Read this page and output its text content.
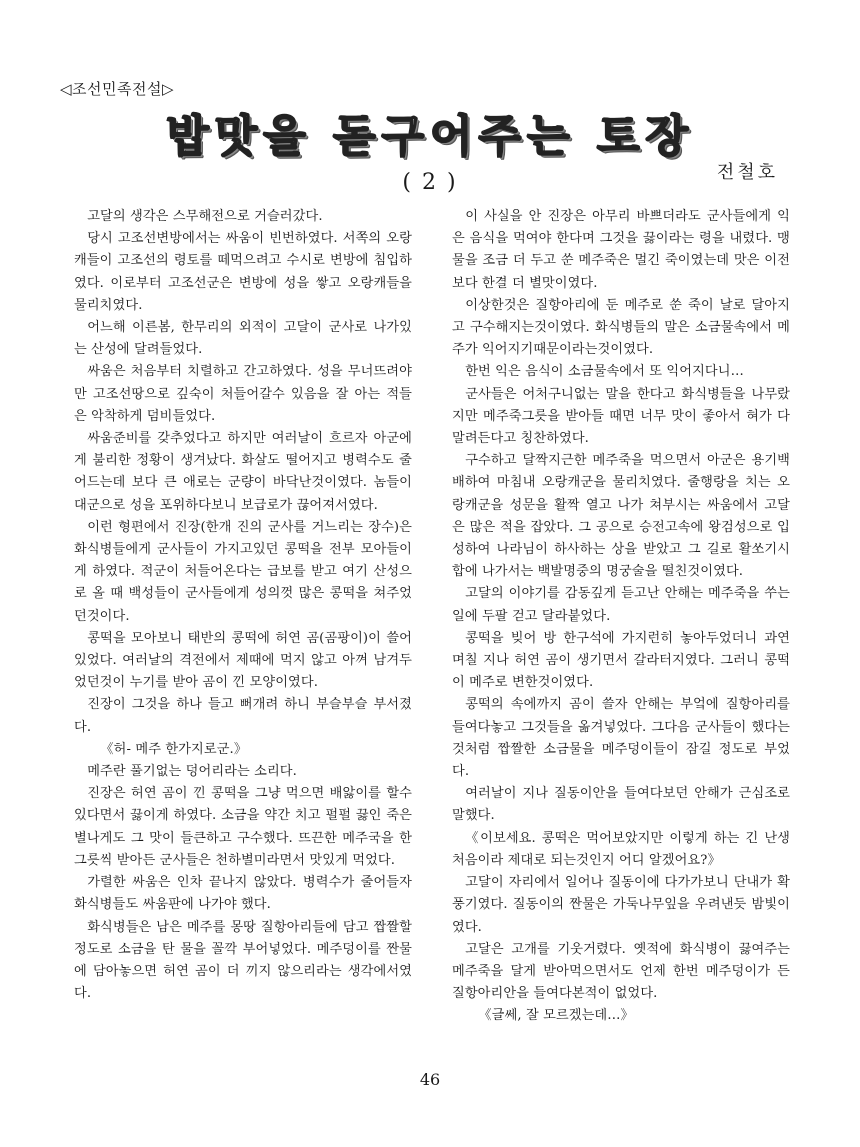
◁조선민족전설▷
밥맛을 돋구어주는 토장
( 2 )	전철호

고달의 생각은 스무해전으로 거슬러갔다.

당시 고조선변방에서는 싸움이 빈번하였다. 서쪽의 오랑캐들이 고조선의 령토를 떼먹으려고 수시로 변방에 침입하였다. 이로부터 고조선군은 변방에 성을 쌓고 오랑캐들을 물리치였다.

어느해 이른봄, 한무리의 외적이 고달이 군사로 나가있는 산성에 달려들었다.

싸움은 처음부터 치렬하고 간고하였다. 성을 무너뜨려야만 고조선땅으로 깊숙이 처들어갈수 있음을 잘 아는 적들은 악착하게 덤비들었다.

싸움준비를 갖추었다고 하지만 여러날이 흐르자 아군에게 불리한 정황이 생겨났다. 화살도 떨어지고 병력수도 줄어드는데 보다 큰 애로는 군량이 바닥난것이였다. 놈들이 대군으로 성을 포위하다보니 보급로가 끊어져서였다.

이런 형편에서 진장(한개 진의 군사를 거느리는 장수)은 화식병들에게 군사들이 가지고있던 콩떡을 전부 모아들이게 하였다. 적군이 처들어온다는 급보를 받고 여기 산성으로 올 때 백성들이 군사들에게 성의껏 많은 콩떡을 쳐주었던것이다.

콩떡을 모아보니 태반의 콩떡에 허연 곰(곰팡이)이 쓸어있었다. 여러날의 격전에서 제때에 먹지 않고 아껴 남겨두었던것이 누기를 받아 곰이 낀 모양이였다.

진장이 그것을 하나 들고 뻐개려 하니 부슬부슬 부서졌다.

《허- 메주 한가지로군.》

메주란 풀기없는 덩어리라는 소리다.

진장은 허연 곰이 낀 콩떡을 그냥 먹으면 배앓이를 할수 있다면서 끓이게 하였다. 소금을 약간 치고 펄펄 끓인 죽은 별나게도 그 맛이 들큰하고 구수했다. 뜨끈한 메주국을 한그릇씩 받아든 군사들은 천하별미라면서 맛있게 먹었다.

가렬한 싸움은 인차 끝나지 않았다. 병력수가 줄어들자 화식병들도 싸움판에 나가야 했다.

화식병들은 남은 메주를 몽땅 질항아리들에 담고 짭짤할 정도로 소금을 탄 물을 꼴깍 부어넣었다. 메주덩이를 짠물에 담아놓으면 허연 곰이 더 끼지 않으리라는 생각에서였다.

이 사실을 안 진장은 아무리 바쁘더라도 군사들에게 익은 음식을 먹여야 한다며 그것을 끓이라는 령을 내렸다. 맹물을 조금 더 두고 쑨 메주죽은 멀긴 죽이였는데 맛은 이전보다 한결 더 별맛이였다.

이상한것은 질항아리에 둔 메주로 쑨 죽이 날로 달아지고 구수해지는것이였다. 화식병들의 말은 소금물속에서 메주가 익어지기때문이라는것이였다.

한번 익은 음식이 소금물속에서 또 익어지다니…

군사들은 어처구니없는 말을 한다고 화식병들을 나무랐지만 메주죽그릇을 받아들 때면 너무 맛이 좋아서 혀가 다 말려든다고 칭찬하였다.

구수하고 달짝지근한 메주죽을 먹으면서 아군은 용기백배하여 마침내 오랑캐군을 물리치였다. 줄행랑을 치는 오랑캐군을 성문을 활짝 열고 나가 쳐부시는 싸움에서 고달은 많은 적을 잡았다. 그 공으로 승전고속에 왕검성으로 입성하여 나라님이 하사하는 상을 받았고 그 길로 활쏘기시합에 나가서는 백발명중의 명궁술을 떨친것이였다.

고달의 이야기를 감동깊게 듣고난 안해는 메주죽을 쑤는 일에 두팔 걷고 달라붙었다.

콩떡을 빚어 방 한구석에 가지런히 놓아두었더니 과연 며칠 지나 허연 곰이 생기면서 갈라터지였다. 그러니 콩떡이 메주로 변한것이였다.

콩떡의 속에까지 곰이 쓸자 안해는 부엌에 질항아리를 들여다놓고 그것들을 옮겨넣었다. 그다음 군사들이 했다는것처럼 짭짤한 소금물을 메주덩이들이 잠길 정도로 부었다.

여러날이 지나 질동이안을 들여다보던 안해가 근심조로 말했다.

《이보세요. 콩떡은 먹어보았지만 이렇게 하는 긴 난생 처음이라 제대로 되는것인지 어디 알겠어요?》

고달이 자리에서 일어나 질동이에 다가가보니 단내가 확 풍기였다. 질동이의 짠물은 가둑나무잎을 우려낸듯 밤빛이였다.

고달은 고개를 기웃거렸다. 옛적에 화식병이 끓여주는 메주죽을 달게 받아먹으면서도 언제 한번 메주덩이가 든 질항아리안을 들여다본적이 없었다.

《글쎄, 잘 모르겠는데…》

46
